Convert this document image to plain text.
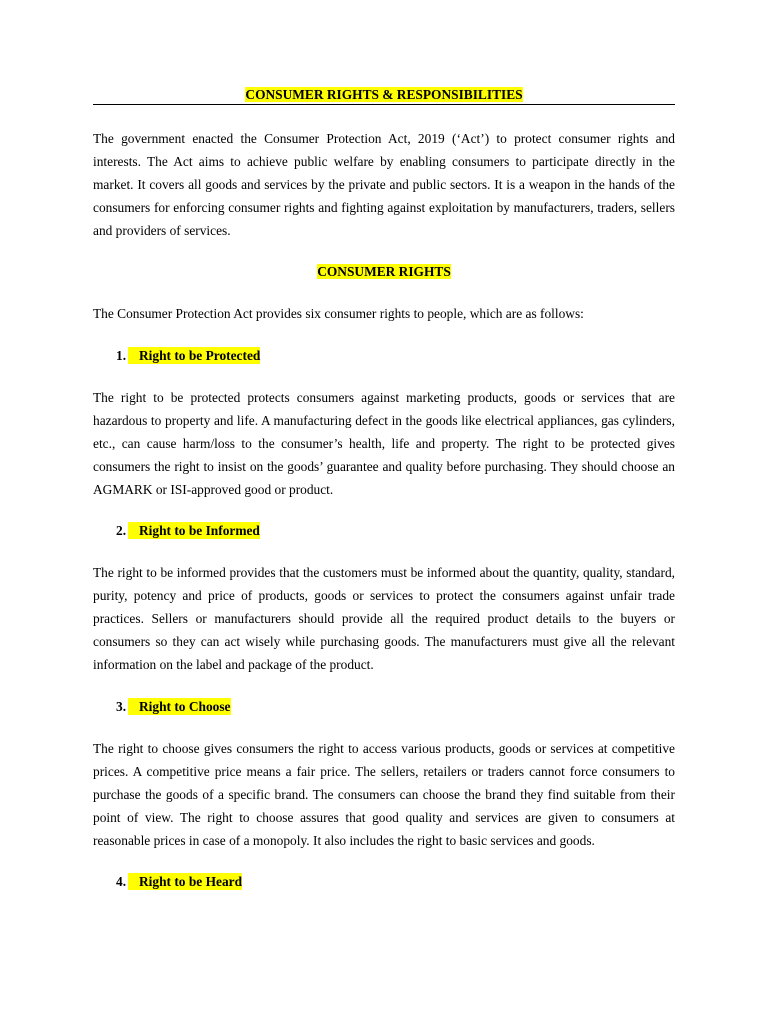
CONSUMER RIGHTS & RESPONSIBILITIES

The government enacted the Consumer Protection Act, 2019 (‘Act’) to protect consumer rights and interests. The Act aims to achieve public welfare by enabling consumers to participate directly in the market. It covers all goods and services by the private and public sectors. It is a weapon in the hands of the consumers for enforcing consumer rights and fighting against exploitation by manufacturers, traders, sellers and providers of services.

CONSUMER RIGHTS

The Consumer Protection Act provides six consumer rights to people, which are as follows:

1. Right to be Protected

The right to be protected protects consumers against marketing products, goods or services that are hazardous to property and life. A manufacturing defect in the goods like electrical appliances, gas cylinders, etc., can cause harm/loss to the consumer’s health, life and property. The right to be protected gives consumers the right to insist on the goods’ guarantee and quality before purchasing. They should choose an AGMARK or ISI-approved good or product.

2. Right to be Informed

The right to be informed provides that the customers must be informed about the quantity, quality, standard, purity, potency and price of products, goods or services to protect the consumers against unfair trade practices. Sellers or manufacturers should provide all the required product details to the buyers or consumers so they can act wisely while purchasing goods. The manufacturers must give all the relevant information on the label and package of the product.

3. Right to Choose

The right to choose gives consumers the right to access various products, goods or services at competitive prices. A competitive price means a fair price. The sellers, retailers or traders cannot force consumers to purchase the goods of a specific brand. The consumers can choose the brand they find suitable from their point of view. The right to choose assures that good quality and services are given to consumers at reasonable prices in case of a monopoly. It also includes the right to basic services and goods.

4. Right to be Heard
